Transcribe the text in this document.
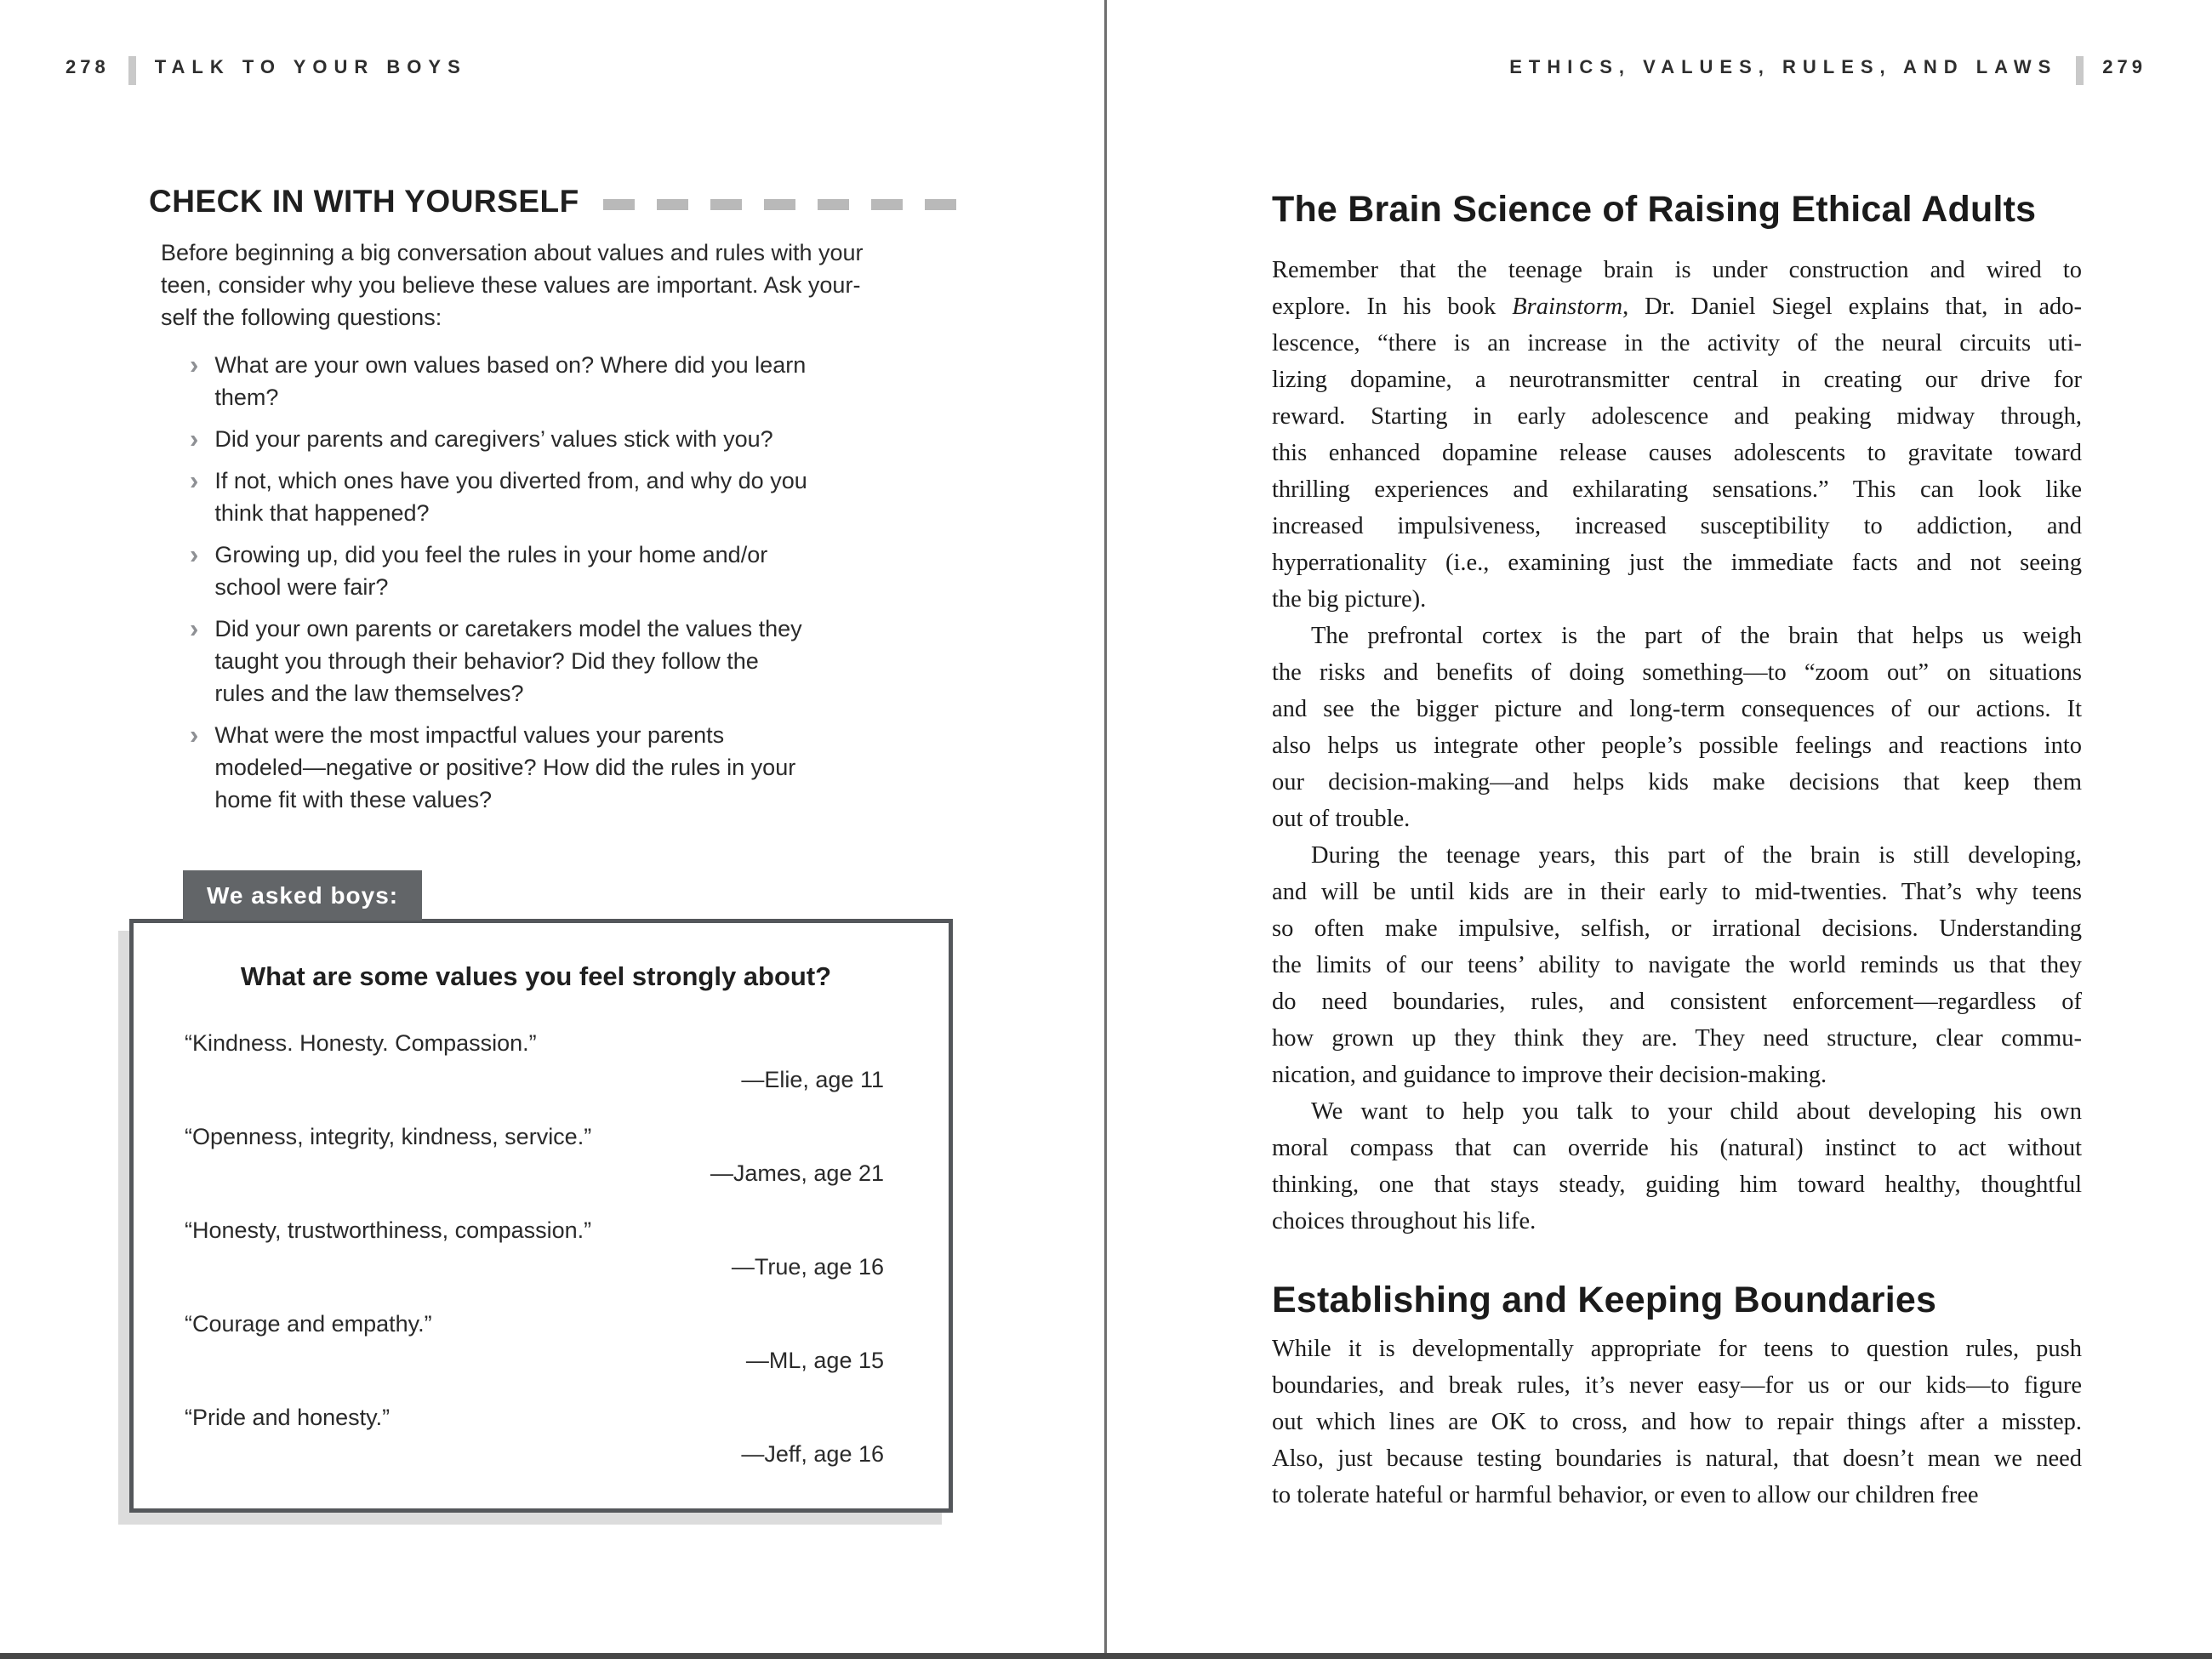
278 TALK TO YOUR BOYS
CHECK IN WITH YOURSELF
Before beginning a big conversation about values and rules with your
teen, consider why you believe these values are important. Ask your-
self the following questions:
› What are your own values based on? Where did you learn
them?
› Did your parents and caregivers’ values stick with you?
› If not, which ones have you diverted from, and why do you
think that happened?
› Growing up, did you feel the rules in your home and/or
school were fair?
› Did your own parents or caretakers model the values they
taught you through their behavior? Did they follow the
rules and the law themselves?
› What were the most impactful values your parents
modeled—negative or positive? How did the rules in your
home fit with these values?
We asked boys:
What are some values you feel strongly about?
“Kindness. Honesty. Compassion.”
—Elie, age 11
“Openness, integrity, kindness, service.”
—James, age 21
“Honesty, trustworthiness, compassion.”
—True, age 16
“Courage and empathy.”
—ML, age 15
“Pride and honesty.”
—Jeff, age 16
ETHICS, VALUES, RULES, AND LAWS 279
The Brain Science of Raising Ethical Adults
Remember that the teenage brain is under construction and wired to
explore. In his book Brainstorm, Dr. Daniel Siegel explains that, in ado-
lescence, “there is an increase in the activity of the neural circuits uti-
lizing dopamine, a neurotransmitter central in creating our drive for
reward. Starting in early adolescence and peaking midway through,
this enhanced dopamine release causes adolescents to gravitate toward
thrilling experiences and exhilarating sensations.” This can look like
increased impulsiveness, increased susceptibility to addiction, and
hyperrationality (i.e., examining just the immediate facts and not seeing
the big picture).
The prefrontal cortex is the part of the brain that helps us weigh
the risks and benefits of doing something—to “zoom out” on situations
and see the bigger picture and long-term consequences of our actions. It
also helps us integrate other people’s possible feelings and reactions into
our decision-making—and helps kids make decisions that keep them
out of trouble.
During the teenage years, this part of the brain is still developing,
and will be until kids are in their early to mid-twenties. That’s why teens
so often make impulsive, selfish, or irrational decisions. Understanding
the limits of our teens’ ability to navigate the world reminds us that they
do need boundaries, rules, and consistent enforcement—regardless of
how grown up they think they are. They need structure, clear commu-
nication, and guidance to improve their decision-making.
We want to help you talk to your child about developing his own
moral compass that can override his (natural) instinct to act without
thinking, one that stays steady, guiding him toward healthy, thoughtful
choices throughout his life.
Establishing and Keeping Boundaries
While it is developmentally appropriate for teens to question rules, push
boundaries, and break rules, it’s never easy—for us or our kids—to figure
out which lines are OK to cross, and how to repair things after a misstep.
Also, just because testing boundaries is natural, that doesn’t mean we need
to tolerate hateful or harmful behavior, or even to allow our children free
